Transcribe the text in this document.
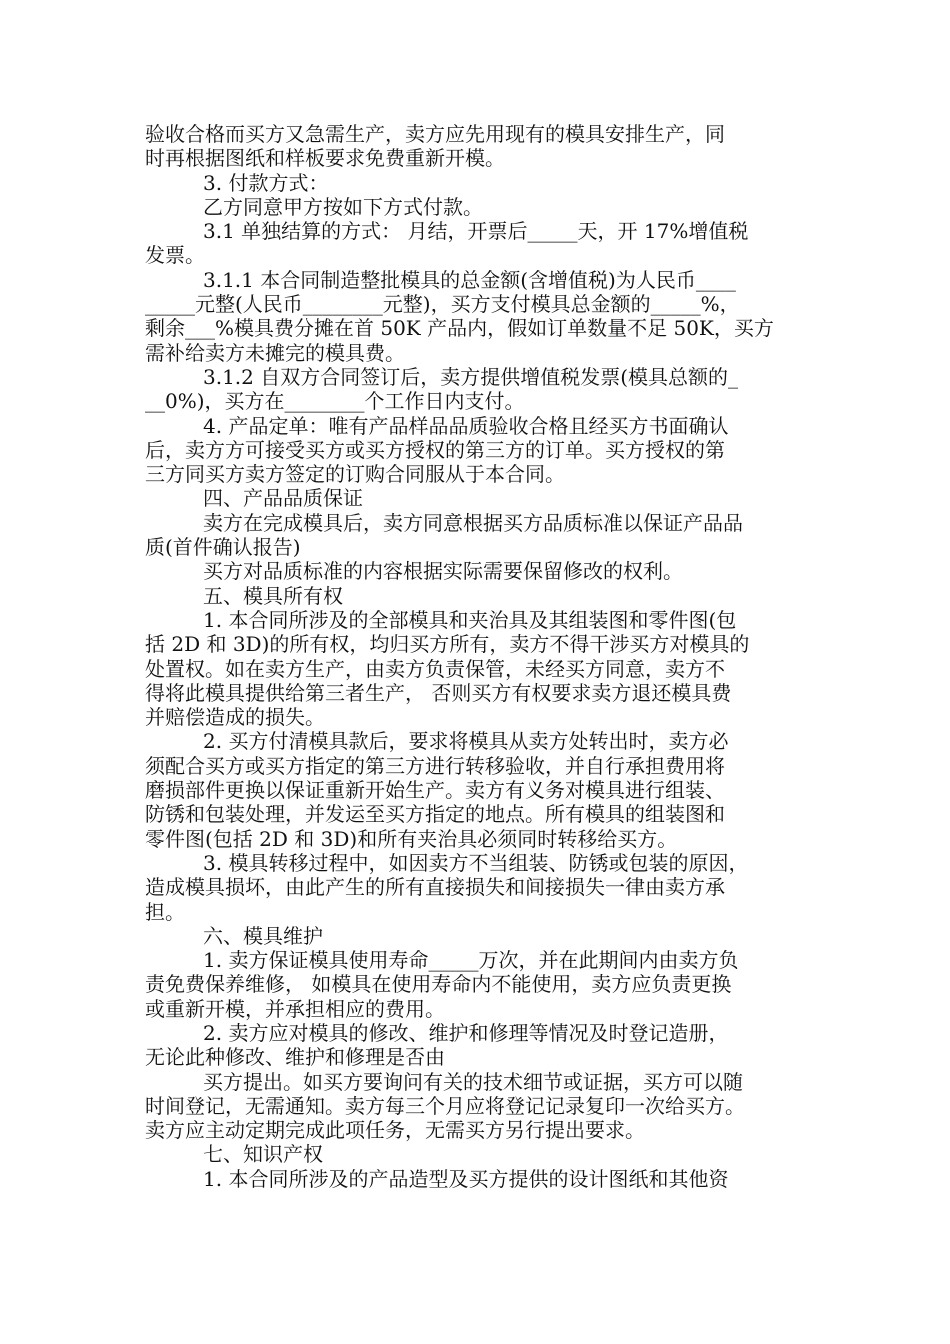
验收合格而买方又急需生产，卖方应先用现有的模具安排生产，同
时再根据图纸和样板要求免费重新开模。
3. 付款方式：
乙方同意甲方按如下方式付款。
3.1 单独结算的方式： 月结，开票后_____天，开 17%增值税
发票。
3.1.1 本合同制造整批模具的总金额(含增值税)为人民币____
_____元整(人民币________元整)，买方支付模具总金额的_____%，
剩余___%模具费分摊在首 50K 产品内，假如订单数量不足 50K，买方
需补给卖方未摊完的模具费。
3.1.2 自双方合同签订后，卖方提供增值税发票(模具总额的_
__0%)，买方在________个工作日内支付。
4. 产品定单：唯有产品样品品质验收合格且经买方书面确认
后，卖方方可接受买方或买方授权的第三方的订单。买方授权的第
三方同买方卖方签定的订购合同服从于本合同。
四、产品品质保证
卖方在完成模具后，卖方同意根据买方品质标准以保证产品品
质(首件确认报告)
买方对品质标准的内容根据实际需要保留修改的权利。
五、模具所有权
1. 本合同所涉及的全部模具和夹治具及其组装图和零件图(包
括 2D 和 3D)的所有权，均归买方所有，卖方不得干涉买方对模具的
处置权。如在卖方生产，由卖方负责保管，未经买方同意，卖方不
得将此模具提供给第三者生产， 否则买方有权要求卖方退还模具费
并赔偿造成的损失。
2. 买方付清模具款后，要求将模具从卖方处转出时，卖方必
须配合买方或买方指定的第三方进行转移验收，并自行承担费用将
磨损部件更换以保证重新开始生产。卖方有义务对模具进行组装、
防锈和包装处理，并发运至买方指定的地点。所有模具的组装图和
零件图(包括 2D 和 3D)和所有夹治具必须同时转移给买方。
3. 模具转移过程中，如因卖方不当组装、防锈或包装的原因，
造成模具损坏，由此产生的所有直接损失和间接损失一律由卖方承
担。
六、模具维护
1. 卖方保证模具使用寿命_____万次，并在此期间内由卖方负
责免费保养维修， 如模具在使用寿命内不能使用，卖方应负责更换
或重新开模，并承担相应的费用。
2. 卖方应对模具的修改、维护和修理等情况及时登记造册，
无论此种修改、维护和修理是否由
买方提出。如买方要询问有关的技术细节或证据，买方可以随
时间登记，无需通知。卖方每三个月应将登记记录复印一次给买方。
卖方应主动定期完成此项任务，无需买方另行提出要求。
七、知识产权
1. 本合同所涉及的产品造型及买方提供的设计图纸和其他资
